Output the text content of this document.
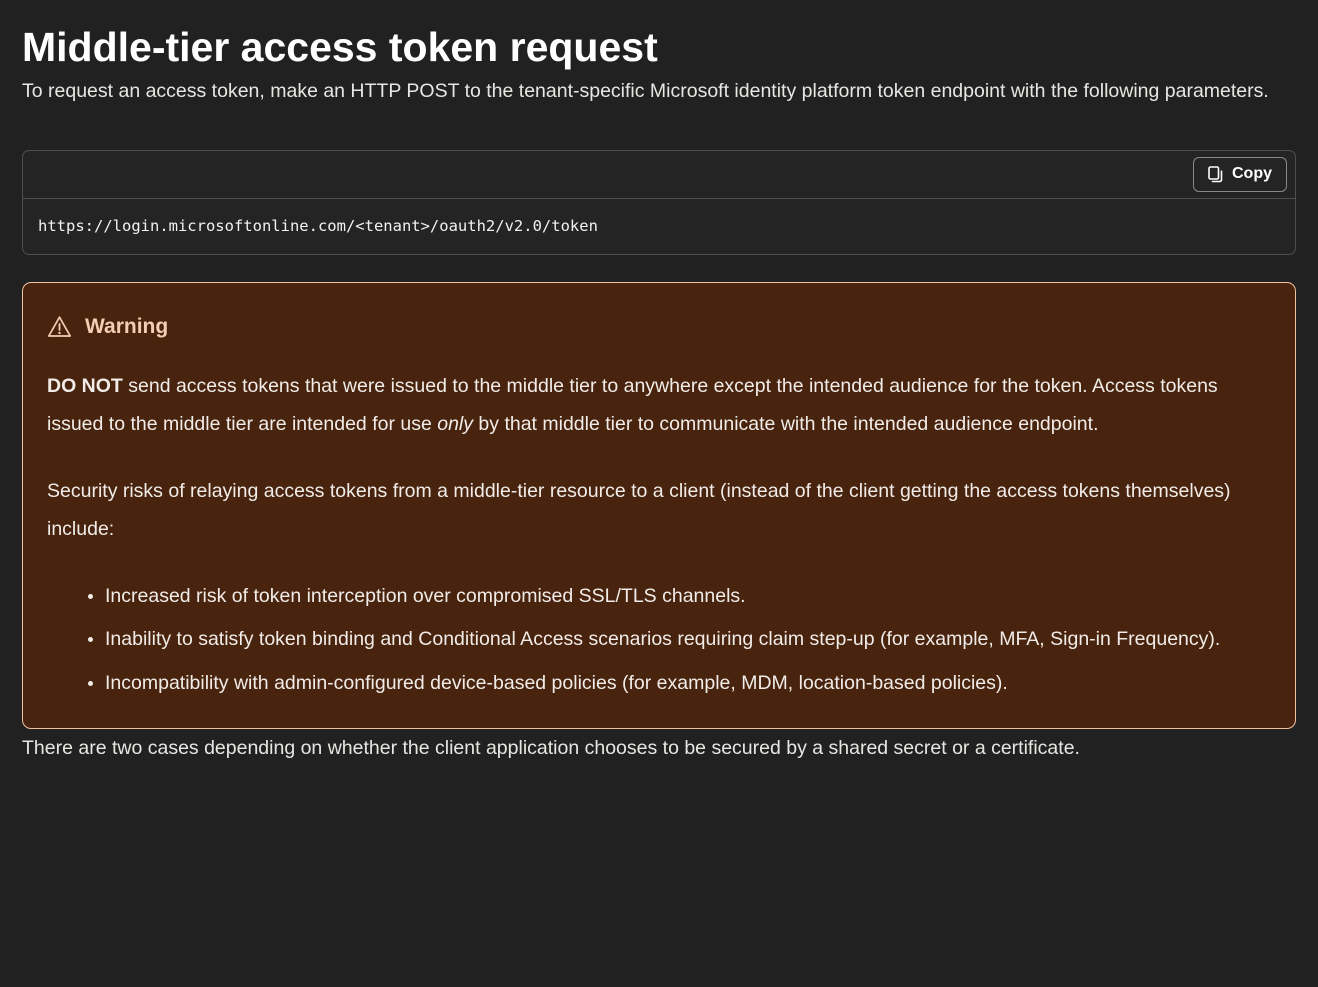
Middle-tier access token request

To request an access token, make an HTTP POST to the tenant-specific Microsoft identity platform token endpoint with the following parameters.

Copy
https://login.microsoftonline.com/<tenant>/oauth2/v2.0/token

Warning

DO NOT send access tokens that were issued to the middle tier to anywhere except the intended audience for the token. Access tokens issued to the middle tier are intended for use only by that middle tier to communicate with the intended audience endpoint.

Security risks of relaying access tokens from a middle-tier resource to a client (instead of the client getting the access tokens themselves) include:

• Increased risk of token interception over compromised SSL/TLS channels.
• Inability to satisfy token binding and Conditional Access scenarios requiring claim step-up (for example, MFA, Sign-in Frequency).
• Incompatibility with admin-configured device-based policies (for example, MDM, location-based policies).

There are two cases depending on whether the client application chooses to be secured by a shared secret or a certificate.
